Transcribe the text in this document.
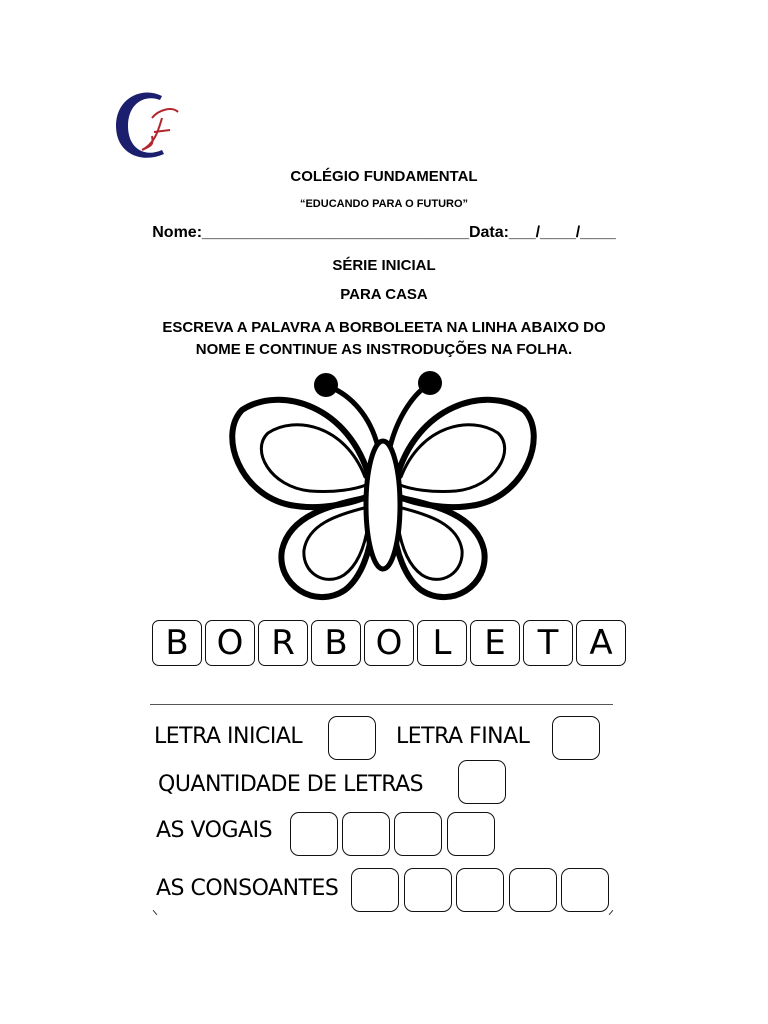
COLÉGIO FUNDAMENTAL
“EDUCANDO PARA O FUTURO”
Nome:______________________________Data:___/____/____
SÉRIE INICIAL
PARA CASA
ESCREVA A PALAVRA A BORBOLEETA NA LINHA ABAIXO DO
NOME E CONTINUE AS INSTRODUÇÕES NA FOLHA.
B O R B O L E T A
LETRA INICIAL	LETRA FINAL
QUANTIDADE DE LETRAS
AS VOGAIS
AS CONSOANTES
